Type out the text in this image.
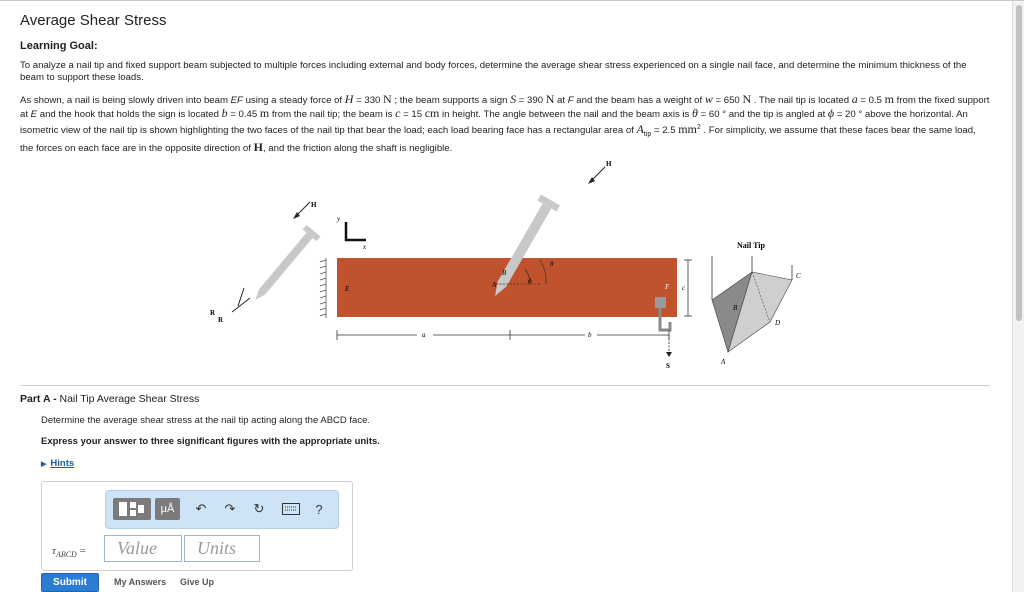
Average Shear Stress
Learning Goal:
To analyze a nail tip and fixed support beam subjected to multiple forces including external and body forces, determine the average shear stress experienced on a single nail face, and determine the minimum thickness of the beam to support these loads.
As shown, a nail is being slowly driven into beam EF using a steady force of H = 330 N ; the beam supports a sign S = 390 N at F and the beam has a weight of w = 650 N . The nail tip is located a = 0.5 m from the fixed support at E and the hook that holds the sign is located b = 0.45 m from the nail tip; the beam is c = 15 cm in height. The angle between the nail and the beam axis is θ = 60 ° and the tip is angled at ϕ = 20 ° above the horizontal. An isometric view of the nail tip is shown highlighting the two faces of the nail tip that bear the load; each load bearing face has a rectangular area of $A_{tip} = 2.5$ $mm^2$ . For simplicity, we assume that these faces bear the same load, the forces on each face are in the opposite direction of H, and the friction along the shaft is negligible.
H
R
R
y
x
E	F
A
B
ϕ
θ
H
S
c
a	b
Nail Tip
B
A
C
D
Part A - Nail Tip Average Shear Stress
Determine the average shear stress at the nail tip acting along the ABCD face.
Express your answer to three significant figures with the appropriate units.
▶ Hints
μÅ	↶ ↷ ↻	?
$\tau_{ABCD}$ =
Value
Units
Submit	My Answers Give Up
